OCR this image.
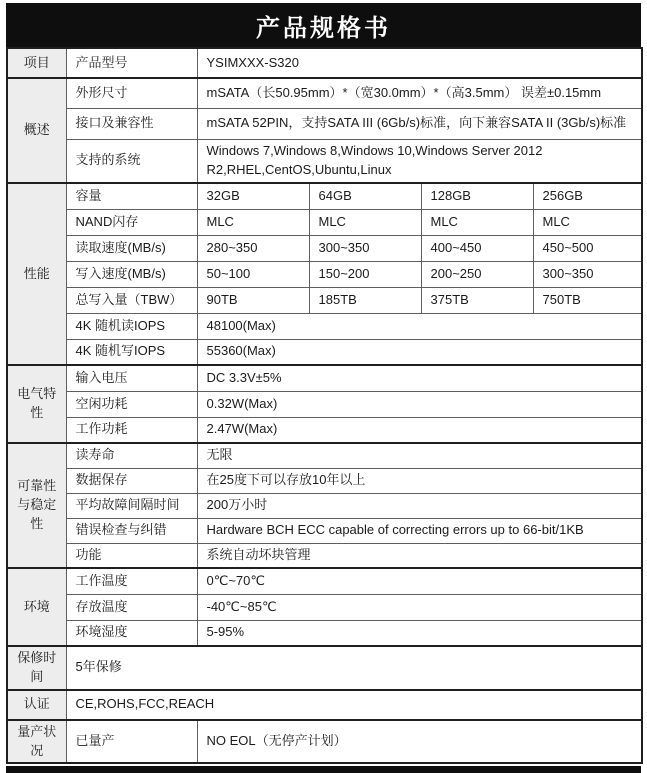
产品规格书
项目	产品型号	YSIMXXX-S320			
概述	外形尺寸	mSATA（长50.95mm）*（宽30.0mm）*（高3.5mm） 误差±0.15mm			
	接口及兼容性	mSATA 52PIN，支持SATA III (6Gb/s)标准，向下兼容SATA II (3Gb/s)标准			
	支持的系统	Windows 7,Windows 8,Windows 10,Windows Server 2012 R2,RHEL,CentOS,Ubuntu,Linux			
性能	容量	32GB	64GB	128GB	256GB
	NAND闪存	MLC	MLC	MLC	MLC
	读取速度(MB/s)	280~350	300~350	400~450	450~500
	写入速度(MB/s)	50~100	150~200	200~250	300~350
	总写入量（TBW）	90TB	185TB	375TB	750TB
	4K 随机读IOPS	48100(Max)			
	4K 随机写IOPS	55360(Max)			
电气特性	输入电压	DC 3.3V±5%			
	空闲功耗	0.32W(Max)			
	工作功耗	2.47W(Max)			
可靠性与稳定性	读寿命	无限			
	数据保存	在25度下可以存放10年以上			
	平均故障间隔时间	200万小时			
	错误检查与纠错	Hardware BCH ECC capable of correcting errors up to 66-bit/1KB			
	功能	系统自动坏块管理			
环境	工作温度	0℃~70℃			
	存放温度	-40℃~85℃			
	环境湿度	5-95%			
保修时间	5年保修				
认证	CE,ROHS,FCC,REACH				
量产状况	已量产	NO EOL（无停产计划）			
